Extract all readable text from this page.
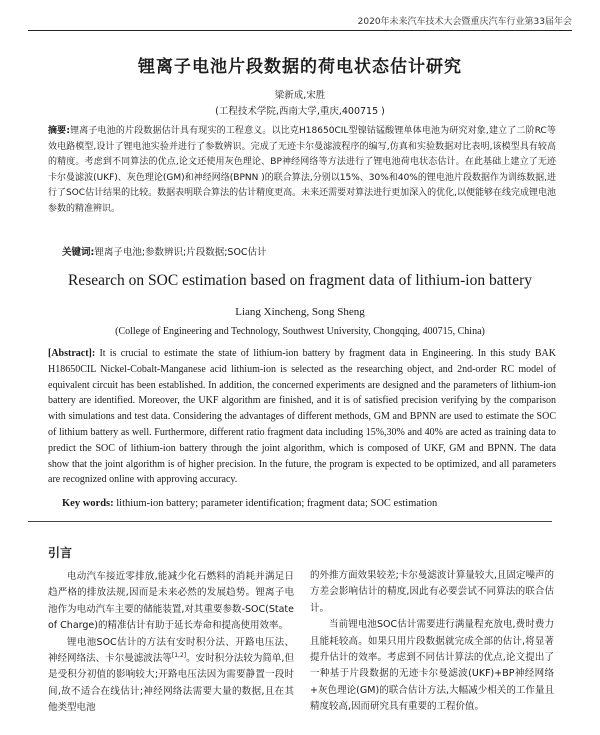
2020年未来汽车技术大会暨重庆汽车行业第33届年会
锂离子电池片段数据的荷电状态估计研究
梁新成,宋胜
(工程技术学院,西南大学,重庆,400715 )
摘要:锂离子电池的片段数据估计具有现实的工程意义。以比克H18650CIL型镍钴锰酸锂单体电池为研究对象,建立了二阶RC等效电路模型,设计了锂电池实验并进行了参数辨识。完成了无迹卡尔曼滤波程序的编写,仿真和实验数据对比表明,该模型具有较高的精度。考虑到不同算法的优点,论文还使用灰色理论、BP神经网络等方法进行了锂电池荷电状态估计。在此基础上建立了无迹卡尔曼滤波(UKF)、灰色理论(GM)和神经网络(BPNN )的联合算法,分别以15%、30%和40%的锂电池片段数据作为训练数据,进行了SOC估计结果的比较。数据表明联合算法的估计精度更高。未来还需要对算法进行更加深入的优化,以便能够在线完成锂电池参数的精准辨识。
关键词:锂离子电池;参数辨识;片段数据;SOC估计
Research on SOC estimation based on fragment data of lithium-ion battery
Liang Xincheng, Song Sheng
(College of Engineering and Technology, Southwest University, Chongqing, 400715, China)
[Abstract]: It is crucial to estimate the state of lithium-ion battery by fragment data in Engineering. In this study BAK H18650CIL Nickel-Cobalt-Manganese acid lithium-ion is selected as the researching object, and 2nd-order RC model of equivalent circuit has been established. In addition, the concerned experiments are designed and the parameters of lithium-ion battery are identified. Moreover, the UKF algorithm are finished, and it is of satisfied precision verifying by the comparison with simulations and test data. Considering the advantages of different methods, GM and BPNN are used to estimate the SOC of lithium battery as well. Furthermore, different ratio fragment data including 15%,30% and 40% are acted as training data to predict the SOC of lithium-ion battery through the joint algorithm, which is composed of UKF, GM and BPNN. The data show that the joint algorithm is of higher precision. In the future, the program is expected to be optimized, and all parameters are recognized online with approving accuracy.
Key words: lithium-ion battery; parameter identification; fragment data; SOC estimation
引言

电动汽车接近零排放,能减少化石燃料的消耗并满足日趋严格的排放法规,因而是未来必然的发展趋势。锂离子电池作为电动汽车主要的储能装置,对其重要参数-SOC(State of Charge)的精准估计有助于延长寿命和提高使用效率。

锂电池SOC估计的方法有安时积分法、开路电压法、神经网络法、卡尔曼滤波法等[1,2]。安时积分法较为简单,但是受积分初值的影响较大;开路电压法因为需要静置一段时间,故不适合在线估计;神经网络法需要大量的数据,且在其他类型电池

的外推方面效果较差;卡尔曼滤波计算量较大,且固定噪声的方差会影响估计的精度,因此有必要尝试不同算法的联合估计。

当前锂电池SOC估计需要进行满量程充放电,费时费力且能耗较高。如果只用片段数据就完成全部的估计,将显著提升估计的效率。考虑到不同估计算法的优点,论文提出了一种基于片段数据的无迹卡尔曼滤波(UKF)+BP神经网络+灰色理论(GM)的联合估计方法,大幅减少相关的工作量且精度较高,因而研究具有重要的工程价值。
